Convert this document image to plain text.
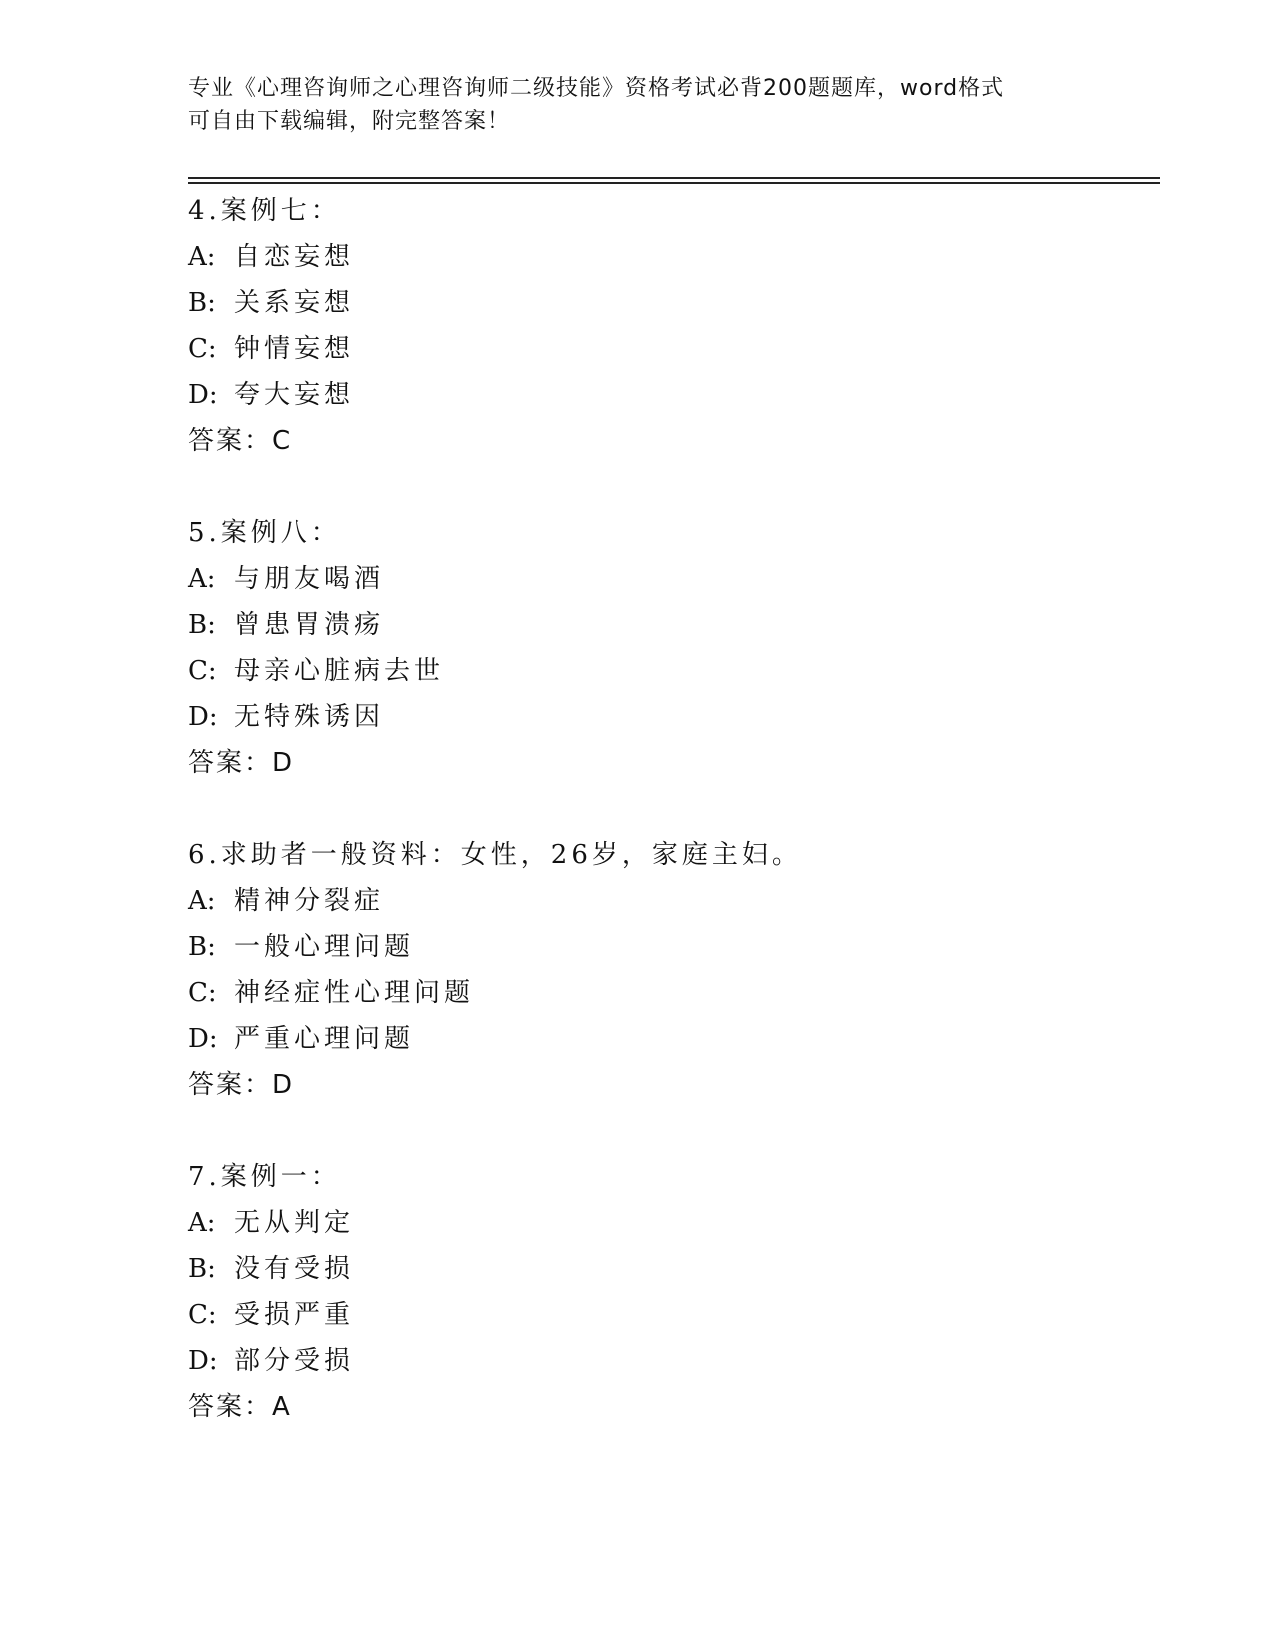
专业《心理咨询师之心理咨询师二级技能》资格考试必背200题题库，word格式
可自由下载编辑，附完整答案！
4.案例七：
A: 自恋妄想
B: 关系妄想
C: 钟情妄想
D: 夸大妄想
答案：C
5.案例八：
A: 与朋友喝酒
B: 曾患胃溃疡
C: 母亲心脏病去世
D: 无特殊诱因
答案：D
6.求助者一般资料：女性，26岁，家庭主妇。
A: 精神分裂症
B: 一般心理问题
C: 神经症性心理问题
D: 严重心理问题
答案：D
7.案例一：
A: 无从判定
B: 没有受损
C: 受损严重
D: 部分受损
答案：A
